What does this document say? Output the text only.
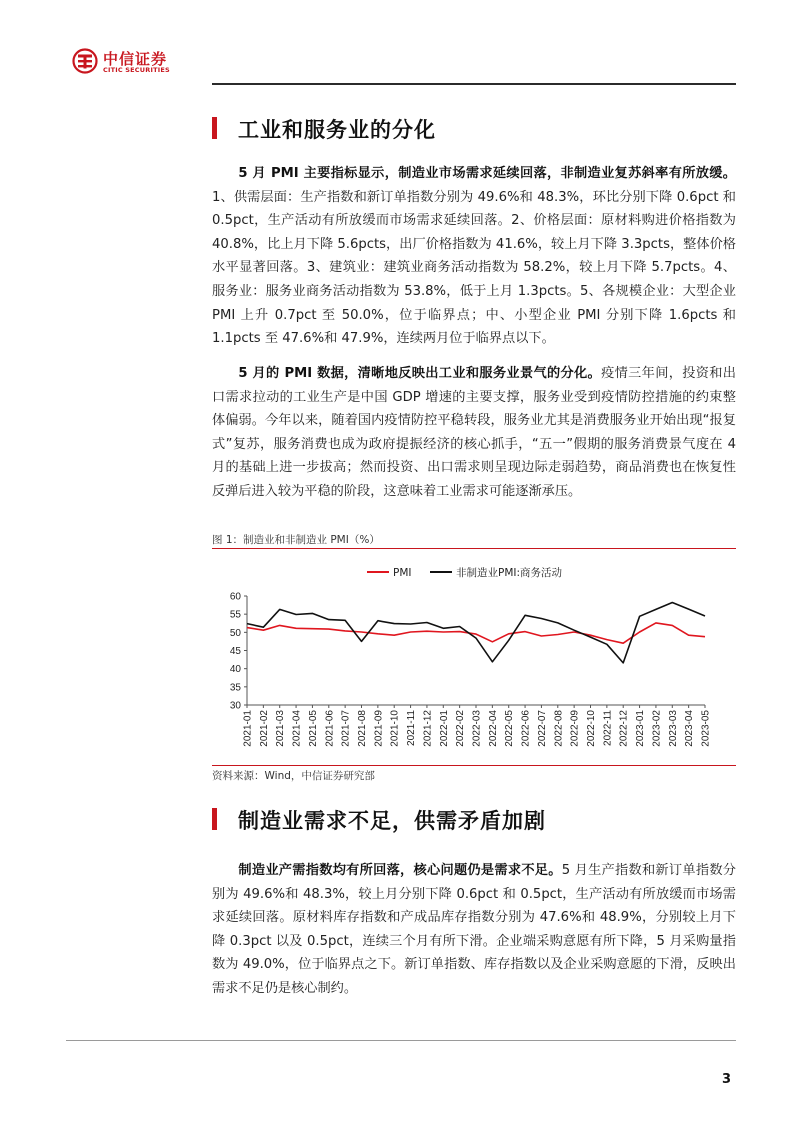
中信证券
CITIC SECURITIES
工业和服务业的分化

5 月 PMI 主要指标显示，制造业市场需求延续回落，非制造业复苏斜率有所放缓。1、供需层面：生产指数和新订单指数分别为 49.6%和 48.3%，环比分别下降 0.6pct 和 0.5pct，生产活动有所放缓而市场需求延续回落。2、价格层面：原材料购进价格指数为 40.8%，比上月下降 5.6pcts，出厂价格指数为 41.6%，较上月下降 3.3pcts，整体价格水平显著回落。3、建筑业：建筑业商务活动指数为 58.2%，较上月下降 5.7pcts。4、服务业：服务业商务活动指数为 53.8%，低于上月 1.3pcts。5、各规模企业：大型企业 PMI 上升 0.7pct 至 50.0%，位于临界点；中、小型企业 PMI 分别下降 1.6pcts 和 1.1pcts 至 47.6%和 47.9%，连续两月位于临界点以下。

5 月的 PMI 数据，清晰地反映出工业和服务业景气的分化。疫情三年间，投资和出口需求拉动的工业生产是中国 GDP 增速的主要支撑，服务业受到疫情防控措施的约束整体偏弱。今年以来，随着国内疫情防控平稳转段，服务业尤其是消费服务业开始出现“报复式”复苏，服务消费也成为政府提振经济的核心抓手，“五一”假期的服务消费景气度在 4 月的基础上进一步拔高；然而投资、出口需求则呈现边际走弱趋势，商品消费也在恢复性反弹后进入较为平稳的阶段，这意味着工业需求可能逐渐承压。

图 1：制造业和非制造业 PMI（%）
30
35
40
45
50
55
60
2021-01 2021-02 2021-03 2021-04 2021-05 2021-06 2021-07 2021-08 2021-09 2021-10 2021-11 2021-12 2022-01 2022-02 2022-03 2022-04 2022-05 2022-06 2022-07 2022-08 2022-09 2022-10 2022-11 2022-12 2023-01 2023-02 2023-03 2023-04 2023-05
PMI	非制造业PMI:商务活动
资料来源：Wind，中信证券研究部
制造业需求不足，供需矛盾加剧

制造业产需指数均有所回落，核心问题仍是需求不足。5 月生产指数和新订单指数分别为 49.6%和 48.3%，较上月分别下降 0.6pct 和 0.5pct，生产活动有所放缓而市场需求延续回落。原材料库存指数和产成品库存指数分别为 47.6%和 48.9%，分别较上月下降 0.3pct 以及 0.5pct，连续三个月有所下滑。企业端采购意愿有所下降，5 月采购量指数为 49.0%，位于临界点之下。新订单指数、库存指数以及企业采购意愿的下滑，反映出需求不足仍是核心制约。

3
